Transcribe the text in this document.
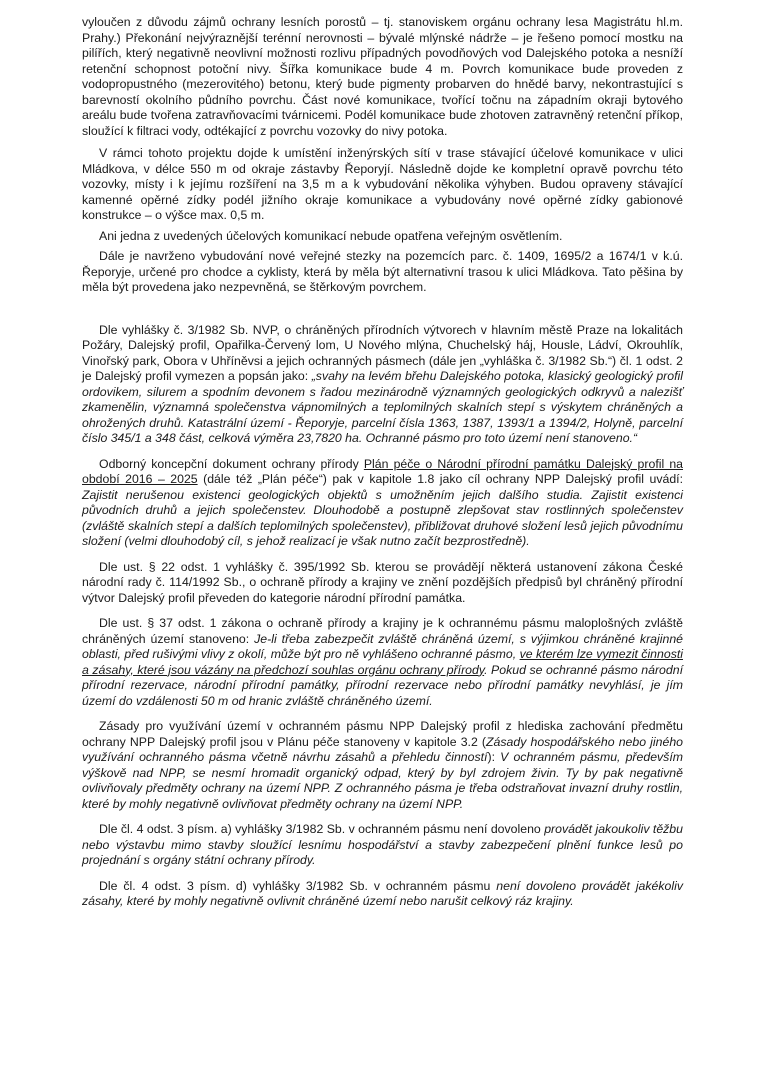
vyloučen z důvodu zájmů ochrany lesních porostů – tj. stanoviskem orgánu ochrany lesa Magistrátu hl.m. Prahy.) Překonání nejvýraznější terénní nerovnosti – bývalé mlýnské nádrže – je řešeno pomocí mostku na pilířích, který negativně neovlivní možnosti rozlivu případných povodňových vod Dalejského potoka a nesníží retenční schopnost potoční nivy. Šířka komunikace bude 4 m. Povrch komunikace bude proveden z vodopropustného (mezerovitého) betonu, který bude pigmenty probarven do hnědé barvy, nekontrastující s barevností okolního půdního povrchu. Část nové komunikace, tvořící točnu na západním okraji bytového areálu bude tvořena zatravňovacími tvárnicemi. Podél komunikace bude zhotoven zatravněný retenční příkop, sloužící k filtraci vody, odtékající z povrchu vozovky do nivy potoka.

V rámci tohoto projektu dojde k umístění inženýrských sítí v trase stávající účelové komunikace v ulici Mládkova, v délce 550 m od okraje zástavby Řeporyjí. Následně dojde ke kompletní opravě povrchu této vozovky, místy i k jejímu rozšíření na 3,5 m a k vybudování několika výhyben. Budou opraveny stávající kamenné opěrné zídky podél jižního okraje komunikace a vybudovány nové opěrné zídky gabionové konstrukce – o výšce max. 0,5 m.

Ani jedna z uvedených účelových komunikací nebude opatřena veřejným osvětlením.

Dále je navrženo vybudování nové veřejné stezky na pozemcích parc. č. 1409, 1695/2 a 1674/1 v k.ú. Řeporyje, určené pro chodce a cyklisty, která by měla být alternativní trasou k ulici Mládkova. Tato pěšina by měla být provedena jako nezpevněná, se štěrkovým povrchem.

Dle vyhlášky č. 3/1982 Sb. NVP, o chráněných přírodních výtvorech v hlavním městě Praze na lokalitách Požáry, Dalejský profil, Opařilka-Červený lom, U Nového mlýna, Chuchelský háj, Housle, Ládví, Okrouhlík, Vinořský park, Obora v Uhříněvsi a jejich ochranných pásmech (dále jen „vyhláška č. 3/1982 Sb.“) čl. 1 odst. 2 je Dalejský profil vymezen a popsán jako: „svahy na levém břehu Dalejského potoka, klasický geologický profil ordovikem, silurem a spodním devonem s řadou mezinárodně významných geologických odkryvů a nalezišť zkamenělin, významná společenstva vápnomilných a teplomilných skalních stepí s výskytem chráněných a ohrožených druhů. Katastrální území - Řeporyje, parcelní čísla 1363, 1387, 1393/1 a 1394/2, Holyně, parcelní číslo 345/1 a 348 část, celková výměra 23,7820 ha. Ochranné pásmo pro toto území není stanoveno.“

Odborný koncepční dokument ochrany přírody Plán péče o Národní přírodní památku Dalejský profil na období 2016 – 2025 (dále též „Plán péče“) pak v kapitole 1.8 jako cíl ochrany NPP Dalejský profil uvádí: Zajistit nerušenou existenci geologických objektů s umožněním jejich dalšího studia. Zajistit existenci původních druhů a jejich společenstev. Dlouhodobě a postupně zlepšovat stav rostlinných společenstev (zvláště skalních stepí a dalších teplomilných společenstev), přibližovat druhové složení lesů jejich původnímu složení (velmi dlouhodobý cíl, s jehož realizací je však nutno začít bezprostředně).

Dle ust. § 22 odst. 1 vyhlášky č. 395/1992 Sb. kterou se provádějí některá ustanovení zákona České národní rady č. 114/1992 Sb., o ochraně přírody a krajiny ve znění pozdějších předpisů byl chráněný přírodní výtvor Dalejský profil převeden do kategorie národní přírodní památka.

Dle ust. § 37 odst. 1 zákona o ochraně přírody a krajiny je k ochrannému pásmu maloplošných zvláště chráněných území stanoveno: Je-li třeba zabezpečit zvláště chráněná území, s výjimkou chráněné krajinné oblasti, před rušivými vlivy z okolí, může být pro ně vyhlášeno ochranné pásmo, ve kterém lze vymezit činnosti a zásahy, které jsou vázány na předchozí souhlas orgánu ochrany přírody. Pokud se ochranné pásmo národní přírodní rezervace, národní přírodní památky, přírodní rezervace nebo přírodní památky nevyhlásí, je jím území do vzdálenosti 50 m od hranic zvláště chráněného území.

Zásady pro využívání území v ochranném pásmu NPP Dalejský profil z hlediska zachování předmětu ochrany NPP Dalejský profil jsou v Plánu péče stanoveny v kapitole 3.2 (Zásady hospodářského nebo jiného využívání ochranného pásma včetně návrhu zásahů a přehledu činností): V ochranném pásmu, především výškově nad NPP, se nesmí hromadit organický odpad, který by byl zdrojem živin. Ty by pak negativně ovlivňovaly předměty ochrany na území NPP. Z ochranného pásma je třeba odstraňovat invazní druhy rostlin, které by mohly negativně ovlivňovat předměty ochrany na území NPP.

Dle čl. 4 odst. 3 písm. a) vyhlášky 3/1982 Sb. v ochranném pásmu není dovoleno provádět jakoukoliv těžbu nebo výstavbu mimo stavby sloužící lesnímu hospodářství a stavby zabezpečení plnění funkce lesů po projednání s orgány státní ochrany přírody.

Dle čl. 4 odst. 3 písm. d) vyhlášky 3/1982 Sb. v ochranném pásmu není dovoleno provádět jakékoliv zásahy, které by mohly negativně ovlivnit chráněné území nebo narušit celkový ráz krajiny.
